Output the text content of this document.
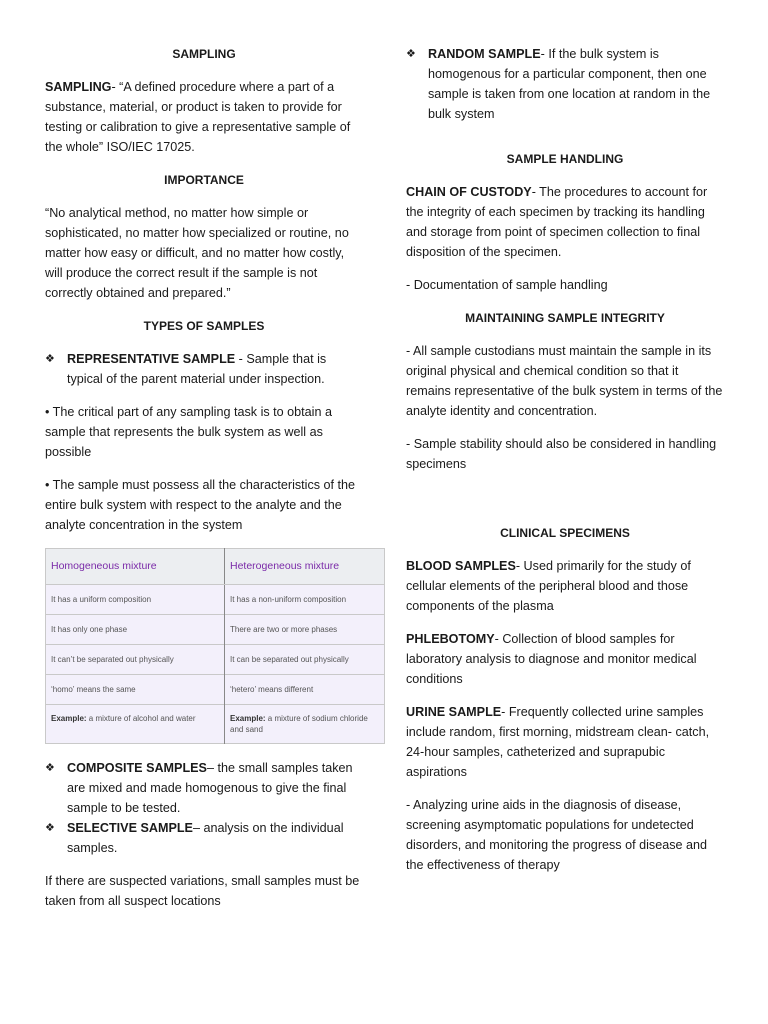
SAMPLING

SAMPLING- “A defined procedure where a part of a substance, material, or product is taken to provide for testing or calibration to give a representative sample of the whole” ISO/IEC 17025.

IMPORTANCE

“No analytical method, no matter how simple or sophisticated, no matter how specialized or routine, no matter how easy or difficult, and no matter how costly, will produce the correct result if the sample is not correctly obtained and prepared.”

TYPES OF SAMPLES
❖ REPRESENTATIVE SAMPLE - Sample that is typical of the parent material under inspection.

• The critical part of any sampling task is to obtain a sample that represents the bulk system as well as possible

• The sample must possess all the characteristics of the entire bulk system with respect to the analyte and the analyte concentration in the system

Homogeneous mixture	Heterogeneous mixture
It has a uniform composition	It has a non-uniform composition
It has only one phase	There are two or more phases
It can’t be separated out physically	It can be separated out physically
‘homo’ means the same	‘hetero’ means different
Example: a mixture of alcohol and water	Example: a mixture of sodium chloride and sand
❖ COMPOSITE SAMPLES– the small samples taken are mixed and made homogenous to give the final sample to be tested.
❖ SELECTIVE SAMPLE– analysis on the individual samples.

If there are suspected variations, small samples must be taken from all suspect locations

❖ RANDOM SAMPLE- If the bulk system is homogenous for a particular component, then one sample is taken from one location at random in the bulk system
SAMPLE HANDLING

CHAIN OF CUSTODY- The procedures to account for the integrity of each specimen by tracking its handling and storage from point of specimen collection to final disposition of the specimen.

- Documentation of sample handling

MAINTAINING SAMPLE INTEGRITY

- All sample custodians must maintain the sample in its original physical and chemical condition so that it remains representative of the bulk system in terms of the analyte identity and concentration.

- Sample stability should also be considered in handling specimens

CLINICAL SPECIMENS

BLOOD SAMPLES- Used primarily for the study of cellular elements of the peripheral blood and those components of the plasma

PHLEBOTOMY- Collection of blood samples for laboratory analysis to diagnose and monitor medical conditions

URINE SAMPLE- Frequently collected urine samples include random, first morning, midstream clean- catch, 24-hour samples, catheterized and suprapubic aspirations

- Analyzing urine aids in the diagnosis of disease, screening asymptomatic populations for undetected disorders, and monitoring the progress of disease and the effectiveness of therapy
